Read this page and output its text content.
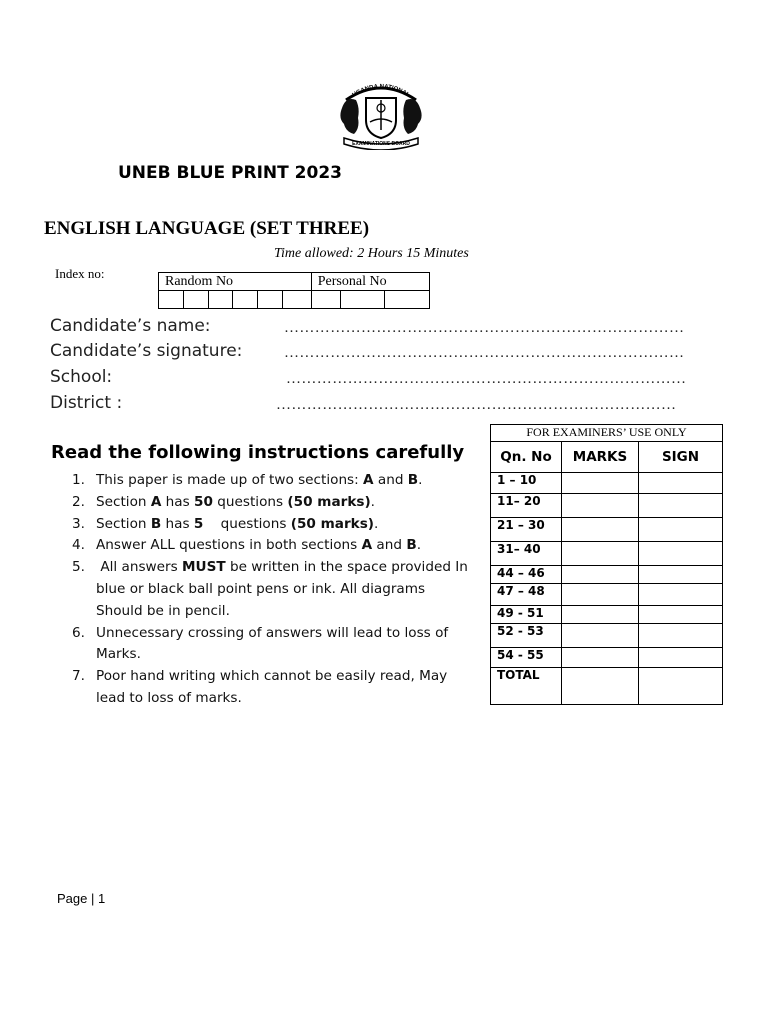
UGANDA NATIONAL
EXAMINATIONS BOARD
UNEB BLUE PRINT 2023
ENGLISH LANGUAGE (SET THREE)
Time allowed: 2 Hours 15 Minutes
Index no:	Random No						Personal No		

Candidate’s name:	……………………………………………………………………
Candidate’s signature:	……………………………………………………………………
School:	……………………………………………………………………
District :	……………………………………………………………………
Read the following instructions carefully
1. This paper is made up of two sections: A and B.
2. Section A has 50 questions (50 marks).
3. Section B has 5    questions (50 marks).
4. Answer ALL questions in both sections A and B.
5. All answers MUST be written in the space provided In blue or black ball point pens or ink. All diagrams Should be in pencil.
6. Unnecessary crossing of answers will lead to loss of Marks.
7. Poor hand writing which cannot be easily read, May lead to loss of marks.
FOR EXAMINERS’ USE ONLY		
Qn. No	MARKS	SIGN
1 – 10		
11– 20		
21 – 30		
31– 40		
44 – 46		
47 – 48		
49 - 51		
52 - 53		
54 - 55		
TOTAL		
Page | 1
